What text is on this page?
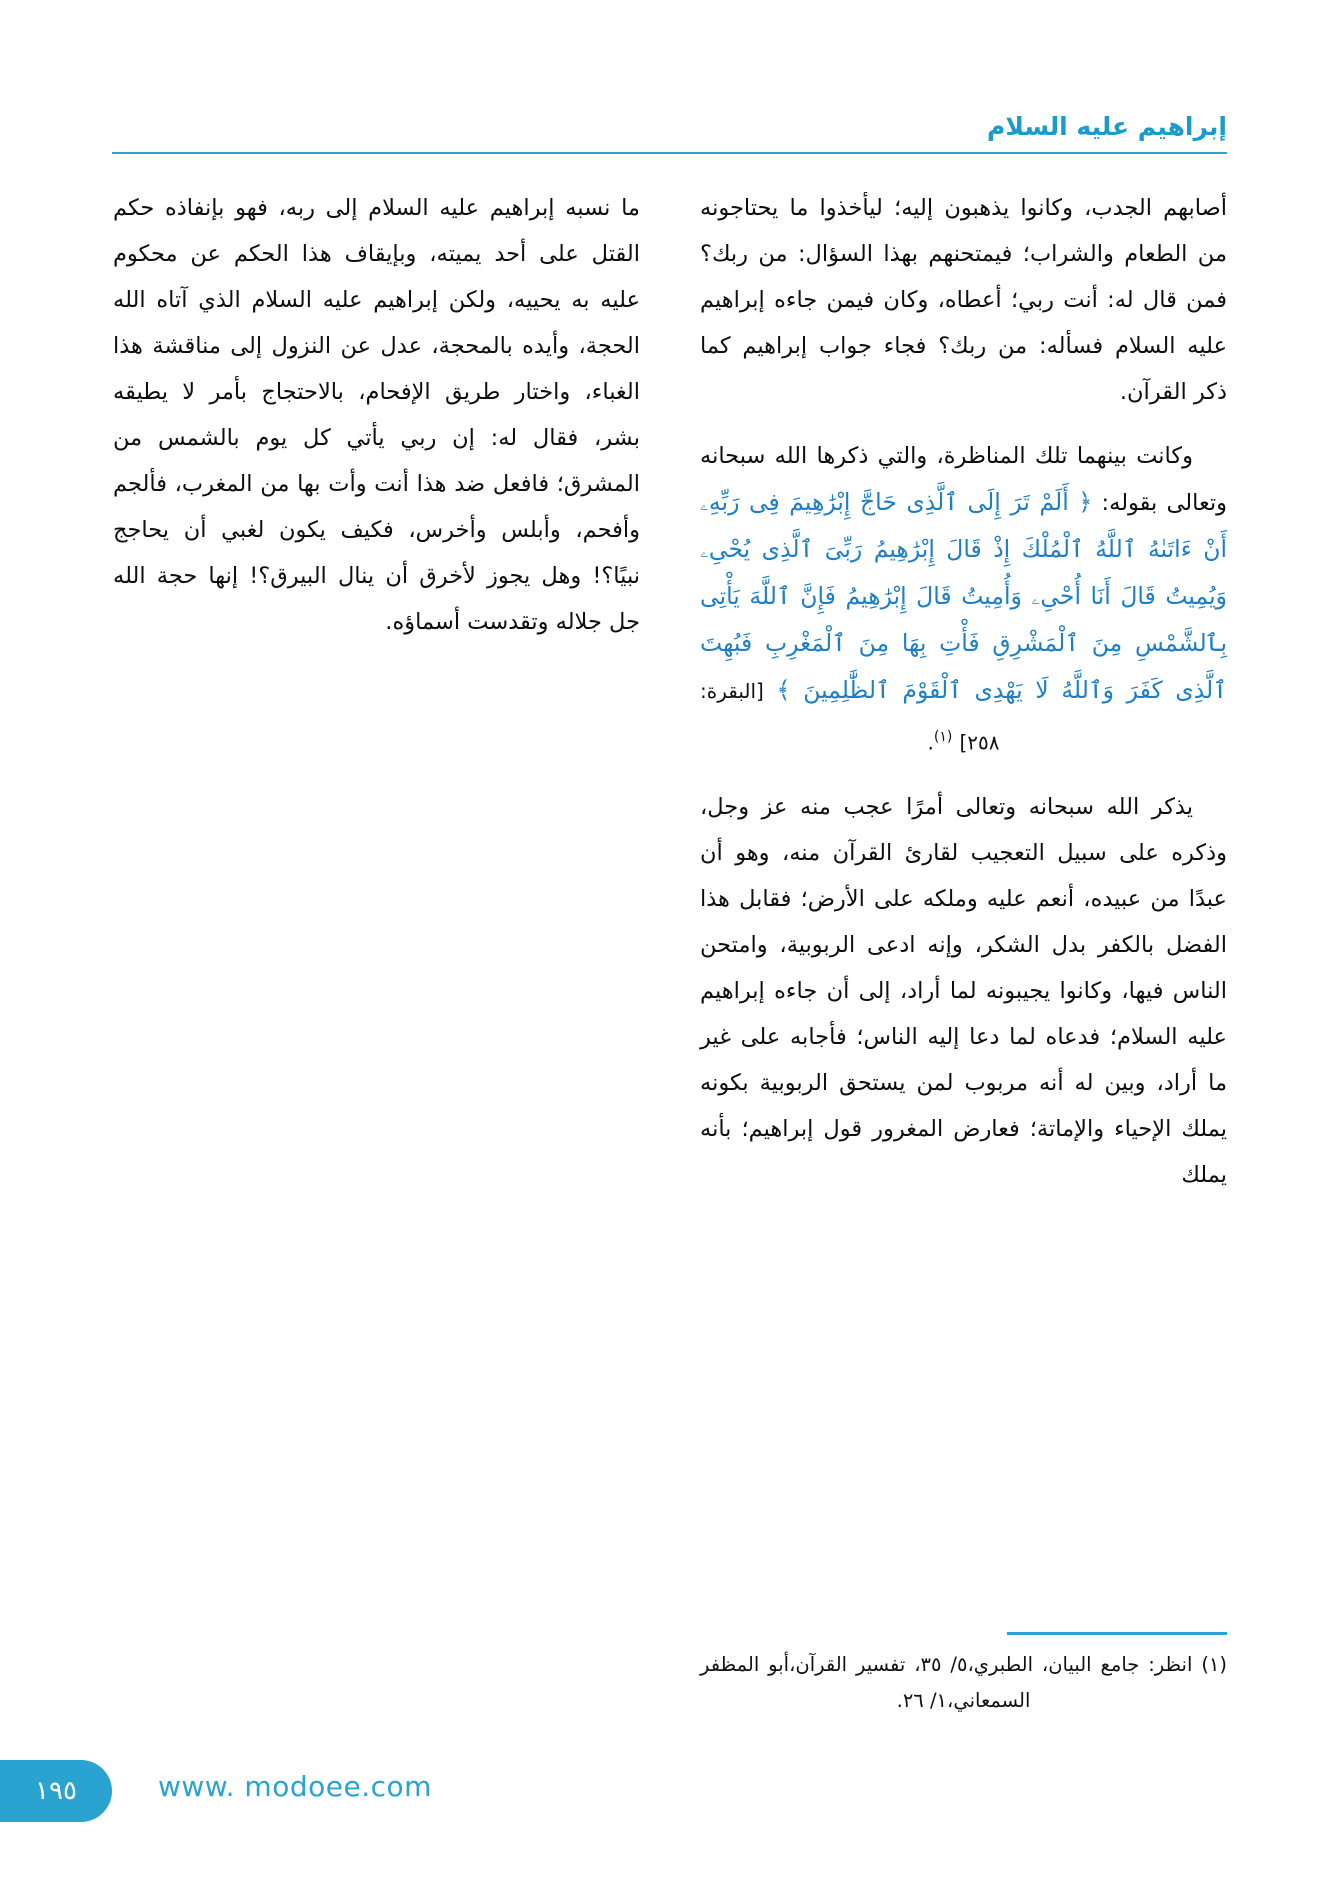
إبراهيم عليه السلام

أصابهم الجدب، وكانوا يذهبون إليه؛ ليأخذوا ما يحتاجونه من الطعام والشراب؛ فيمتحنهم بهذا السؤال: من ربك؟ فمن قال له: أنت ربي؛ أعطاه، وكان فيمن جاءه إبراهيم عليه السلام فسأله: من ربك؟ فجاء جواب إبراهيم كما ذكر القرآن.

وكانت بينهما تلك المناظرة، والتي ذكرها الله سبحانه وتعالى بقوله: ﴿ أَلَمْ تَرَ إِلَى ٱلَّذِى حَاجَّ إِبْرَٰهِيمَ فِى رَبِّهِۦ أَنْ ءَاتَىٰهُ ٱللَّهُ ٱلْمُلْكَ إِذْ قَالَ إِبْرَٰهِيمُ رَبِّىَ ٱلَّذِى يُحْىِۦ وَيُمِيتُ قَالَ أَنَا أُحْىِۦ وَأُمِيتُ قَالَ إِبْرَٰهِيمُ فَإِنَّ ٱللَّهَ يَأْتِى بِٱلشَّمْسِ مِنَ ٱلْمَشْرِقِ فَأْتِ بِهَا مِنَ ٱلْمَغْرِبِ فَبُهِتَ ٱلَّذِى كَفَرَ وَٱللَّهُ لَا يَهْدِى ٱلْقَوْمَ ٱلظَّٰلِمِينَ ﴾ [البقرة: ٢٥٨] $^{(١)}$.

يذكر الله سبحانه وتعالى أمرًا عجب منه عز وجل، وذكره على سبيل التعجيب لقارئ القرآن منه، وهو أن عبدًا من عبيده، أنعم عليه وملكه على الأرض؛ فقابل هذا الفضل بالكفر بدل الشكر، وإنه ادعى الربوبية، وامتحن الناس فيها، وكانوا يجيبونه لما أراد، إلى أن جاءه إبراهيم عليه السلام؛ فدعاه لما دعا إليه الناس؛ فأجابه على غير ما أراد، وبين له أنه مربوب لمن يستحق الربوبية بكونه يملك الإحياء والإماتة؛ فعارض المغرور قول إبراهيم؛ بأنه يملك

ما نسبه إبراهيم عليه السلام إلى ربه، فهو بإنفاذه حكم القتل على أحد يميته، وبإيقاف هذا الحكم عن محكوم عليه به يحييه، ولكن إبراهيم عليه السلام الذي آتاه الله الحجة، وأيده بالمحجة، عدل عن النزول إلى مناقشة هذا الغباء، واختار طريق الإفحام، بالاحتجاج بأمر لا يطيقه بشر، فقال له: إن ربي يأتي كل يوم بالشمس من المشرق؛ فافعل ضد هذا أنت وأت بها من المغرب، فألجم وأفحم، وأبلس وأخرس، فكيف يكون لغبي أن يحاجج نبيًا؟! وهل يجوز لأخرق أن ينال البيرق؟! إنها حجة الله جل جلاله وتقدست أسماؤه.

(١) انظر: جامع البيان، الطبري،٥/ ٣٥، تفسير القرآن،أبو المظفر السمعاني،١/ ٢٦.
١٩٥	www. modoee.com
